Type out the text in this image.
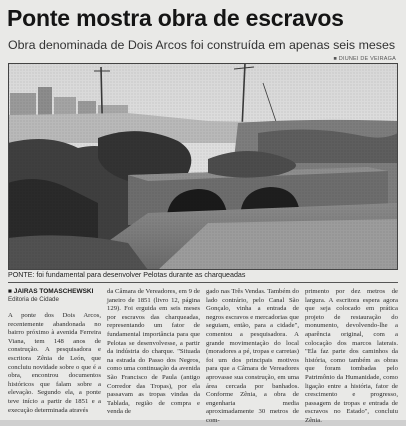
Ponte mostra obra de escravos
Obra denominada de Dois Arcos foi construída em apenas seis meses
■ DIUNEI DE VEIRAGA
PONTE: foi fundamental para desenvolver Pelotas durante as charqueadas

■ JAIRAS TOMASCHEWSKI

Editoria de Cidade

A ponte dos Dois Arcos, recentemente abandonada no bairro próximo à avenida Ferreira Viana, tem 148 anos de construção. A pesquisadora e escritora Zênia de León, que concluiu novidade sobre o que é a obra, encontrou documentos históricos que falam sobre a elevação. Segundo ela, a ponte teve início a partir de 1851 e a execução determinada através

da Câmara de Vereadores, em 9 de janeiro de 1851 (livro 12, página 129). Foi erguida em seis meses por escravos das charqueadas, representando um fator de fundamental importância para que Pelotas se desenvolvesse, a partir da indústria do charque. "Situada na estrada do Passo dos Negros, como uma continuação da avenida São Francisco de Paula (antigo Corredor das Tropas), por ela passavam as tropas vindas da Tablada, região de compra e venda de

gado nas Três Vendas. Também do lado contrário, pelo Canal São Gonçalo, vinha a entrada de negros escravos e mercadorias que seguiam, então, para a cidade", comentou a pesquisadora. A grande movimentação do local (moradores a pé, tropas e carretas) foi um dos principais motivos para que a Câmara de Vereadores aprovasse sua construção, em uma área cercada por banhados. Conforme Zênia, a obra de engenharia media aproximadamente 30 metros de com-

primento por dez metros de largura. A escritora espera agora que seja colocado em prática projeto de restauração do monumento, devolvendo-lhe a aparência original, com a colocação dos marcos laterais. "Ela faz parte dos caminhos da história, como também as obras que foram tombadas pelo Patrimônio da Humanidade, como ligação entre a história, fator de crescimento e progresso, passagem de tropas e entrada de escravos no Estado", concluiu Zênia.
